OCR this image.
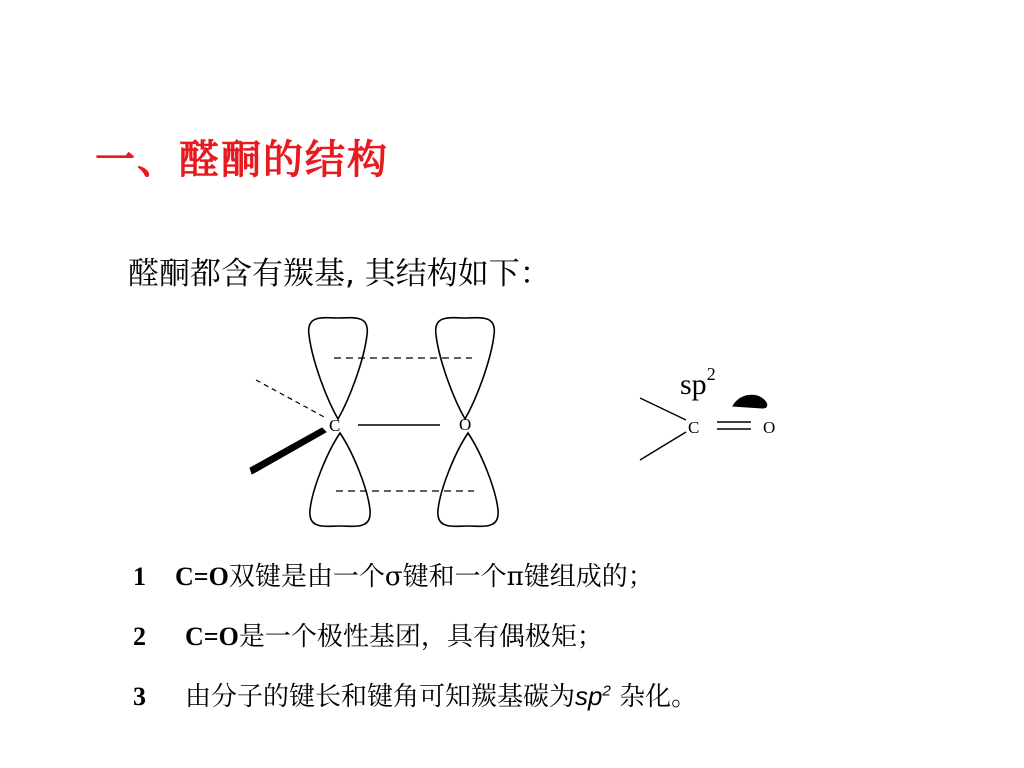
一、醛酮的结构
醛酮都含有羰基, 其结构如下：
C	O	C	O
$sp^2$
1 C=O双键是由一个σ键和一个π键组成的；
2 C=O是一个极性基团，具有偶极矩；
3 由分子的键长和键角可知羰基碳为$sp^2$ 杂化。
